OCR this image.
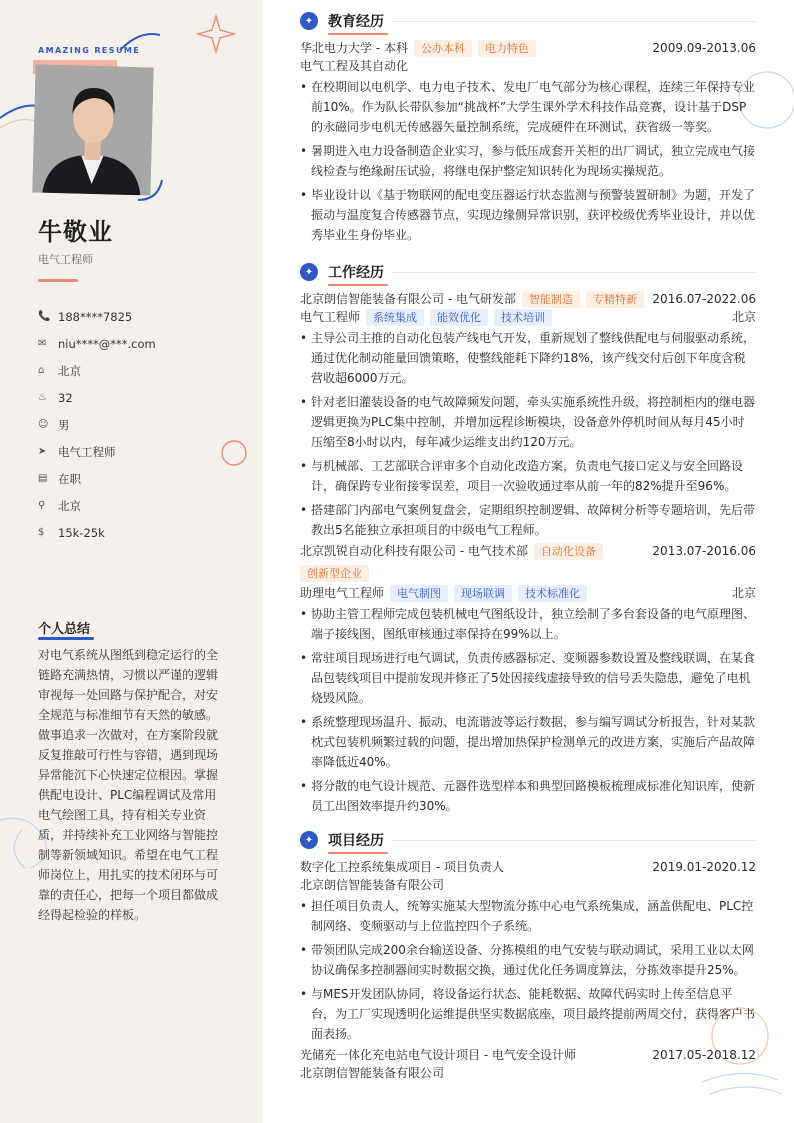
AMAZING RESUME
牛敬业
电气工程师
📞 188****7825
✉	niu****@***.com
⌂	北京
♨ 32
☺ 男
➤	电气工程师
▤ 在职
⚲	北京
$	15k-25k
个人总结
对电气系统从图纸到稳定运行的全链路充满热情，习惯以严谨的逻辑审视每一处回路与保护配合，对安全规范与标准细节有天然的敏感。做事追求一次做对，在方案阶段就反复推敲可行性与容错，遇到现场异常能沉下心快速定位根因。掌握供配电设计、PLC编程调试及常用电气绘图工具，持有相关专业资质，并持续补充工业网络与智能控制等新领域知识。希望在电气工程师岗位上，用扎实的技术闭环与可靠的责任心，把每一个项目都做成经得起检验的样板。
✦	教育经历
华北电力大学 - 本科	公办本科	电力特色	2009.09-2013.06
电气工程及其自动化
• 在校期间以电机学、电力电子技术、发电厂电气部分为核心课程，连续三年保持专业前10%。作为队长带队参加“挑战杯”大学生课外学术科技作品竞赛，设计基于DSP的永磁同步电机无传感器矢量控制系统，完成硬件在环测试，获省级一等奖。
• 暑期进入电力设备制造企业实习，参与低压成套开关柜的出厂调试，独立完成电气接线检查与绝缘耐压试验，将继电保护整定知识转化为现场实操规范。
• 毕业设计以《基于物联网的配电变压器运行状态监测与预警装置研制》为题，开发了振动与温度复合传感器节点，实现边缘侧异常识别，获评校级优秀毕业设计，并以优秀毕业生身份毕业。
✦	工作经历
北京朗信智能装备有限公司 - 电气研发部	智能制造	专精特新	2016.07-2022.06
电气工程师	系统集成	能效优化	技术培训	北京
• 主导公司主推的自动化包装产线电气开发，重新规划了整线供配电与伺服驱动系统，通过优化制动能量回馈策略，使整线能耗下降约18%，该产线交付后创下年度含税营收超6000万元。
• 针对老旧灌装设备的电气故障频发问题，牵头实施系统性升级，将控制柜内的继电器逻辑更换为PLC集中控制，并增加远程诊断模块，设备意外停机时间从每月45小时压缩至8小时以内，每年减少运维支出约120万元。
• 与机械部、工艺部联合评审多个自动化改造方案，负责电气接口定义与安全回路设计，确保跨专业衔接零误差，项目一次验收通过率从前一年的82%提升至96%。
• 搭建部门内部电气案例复盘会，定期组织控制逻辑、故障树分析等专题培训，先后带教出5名能独立承担项目的中级电气工程师。
北京凯锐自动化科技有限公司 - 电气技术部	自动化设备	2013.07-2016.06
创新型企业
助理电气工程师	电气制图	现场联调	技术标准化	北京
• 协助主管工程师完成包装机械电气图纸设计，独立绘制了多台套设备的电气原理图、端子接线图，图纸审核通过率保持在99%以上。
• 常驻项目现场进行电气调试，负责传感器标定、变频器参数设置及整线联调，在某食品包装线项目中提前发现并修正了5处因接线虚接导致的信号丢失隐患，避免了电机烧毁风险。
• 系统整理现场温升、振动、电流谐波等运行数据，参与编写调试分析报告，针对某款枕式包装机频繁过载的问题，提出增加热保护检测单元的改进方案，实施后产品故障率降低近40%。
• 将分散的电气设计规范、元器件选型样本和典型回路模板梳理成标准化知识库，使新员工出图效率提升约30%。
✦	项目经历
数字化工控系统集成项目 - 项目负责人	2019.01-2020.12
北京朗信智能装备有限公司
• 担任项目负责人，统筹实施某大型物流分拣中心电气系统集成，涵盖供配电、PLC控制网络、变频驱动与上位监控四个子系统。
• 带领团队完成200余台输送设备、分拣模组的电气安装与联动调试，采用工业以太网协议确保多控制器间实时数据交换，通过优化任务调度算法，分拣效率提升25%。
• 与MES开发团队协同，将设备运行状态、能耗数据、故障代码实时上传至信息平台，为工厂实现透明化运维提供坚实数据底座，项目最终提前两周交付，获得客户书面表扬。
光储充一体化充电站电气设计项目 - 电气安全设计师	2017.05-2018.12
北京朗信智能装备有限公司
